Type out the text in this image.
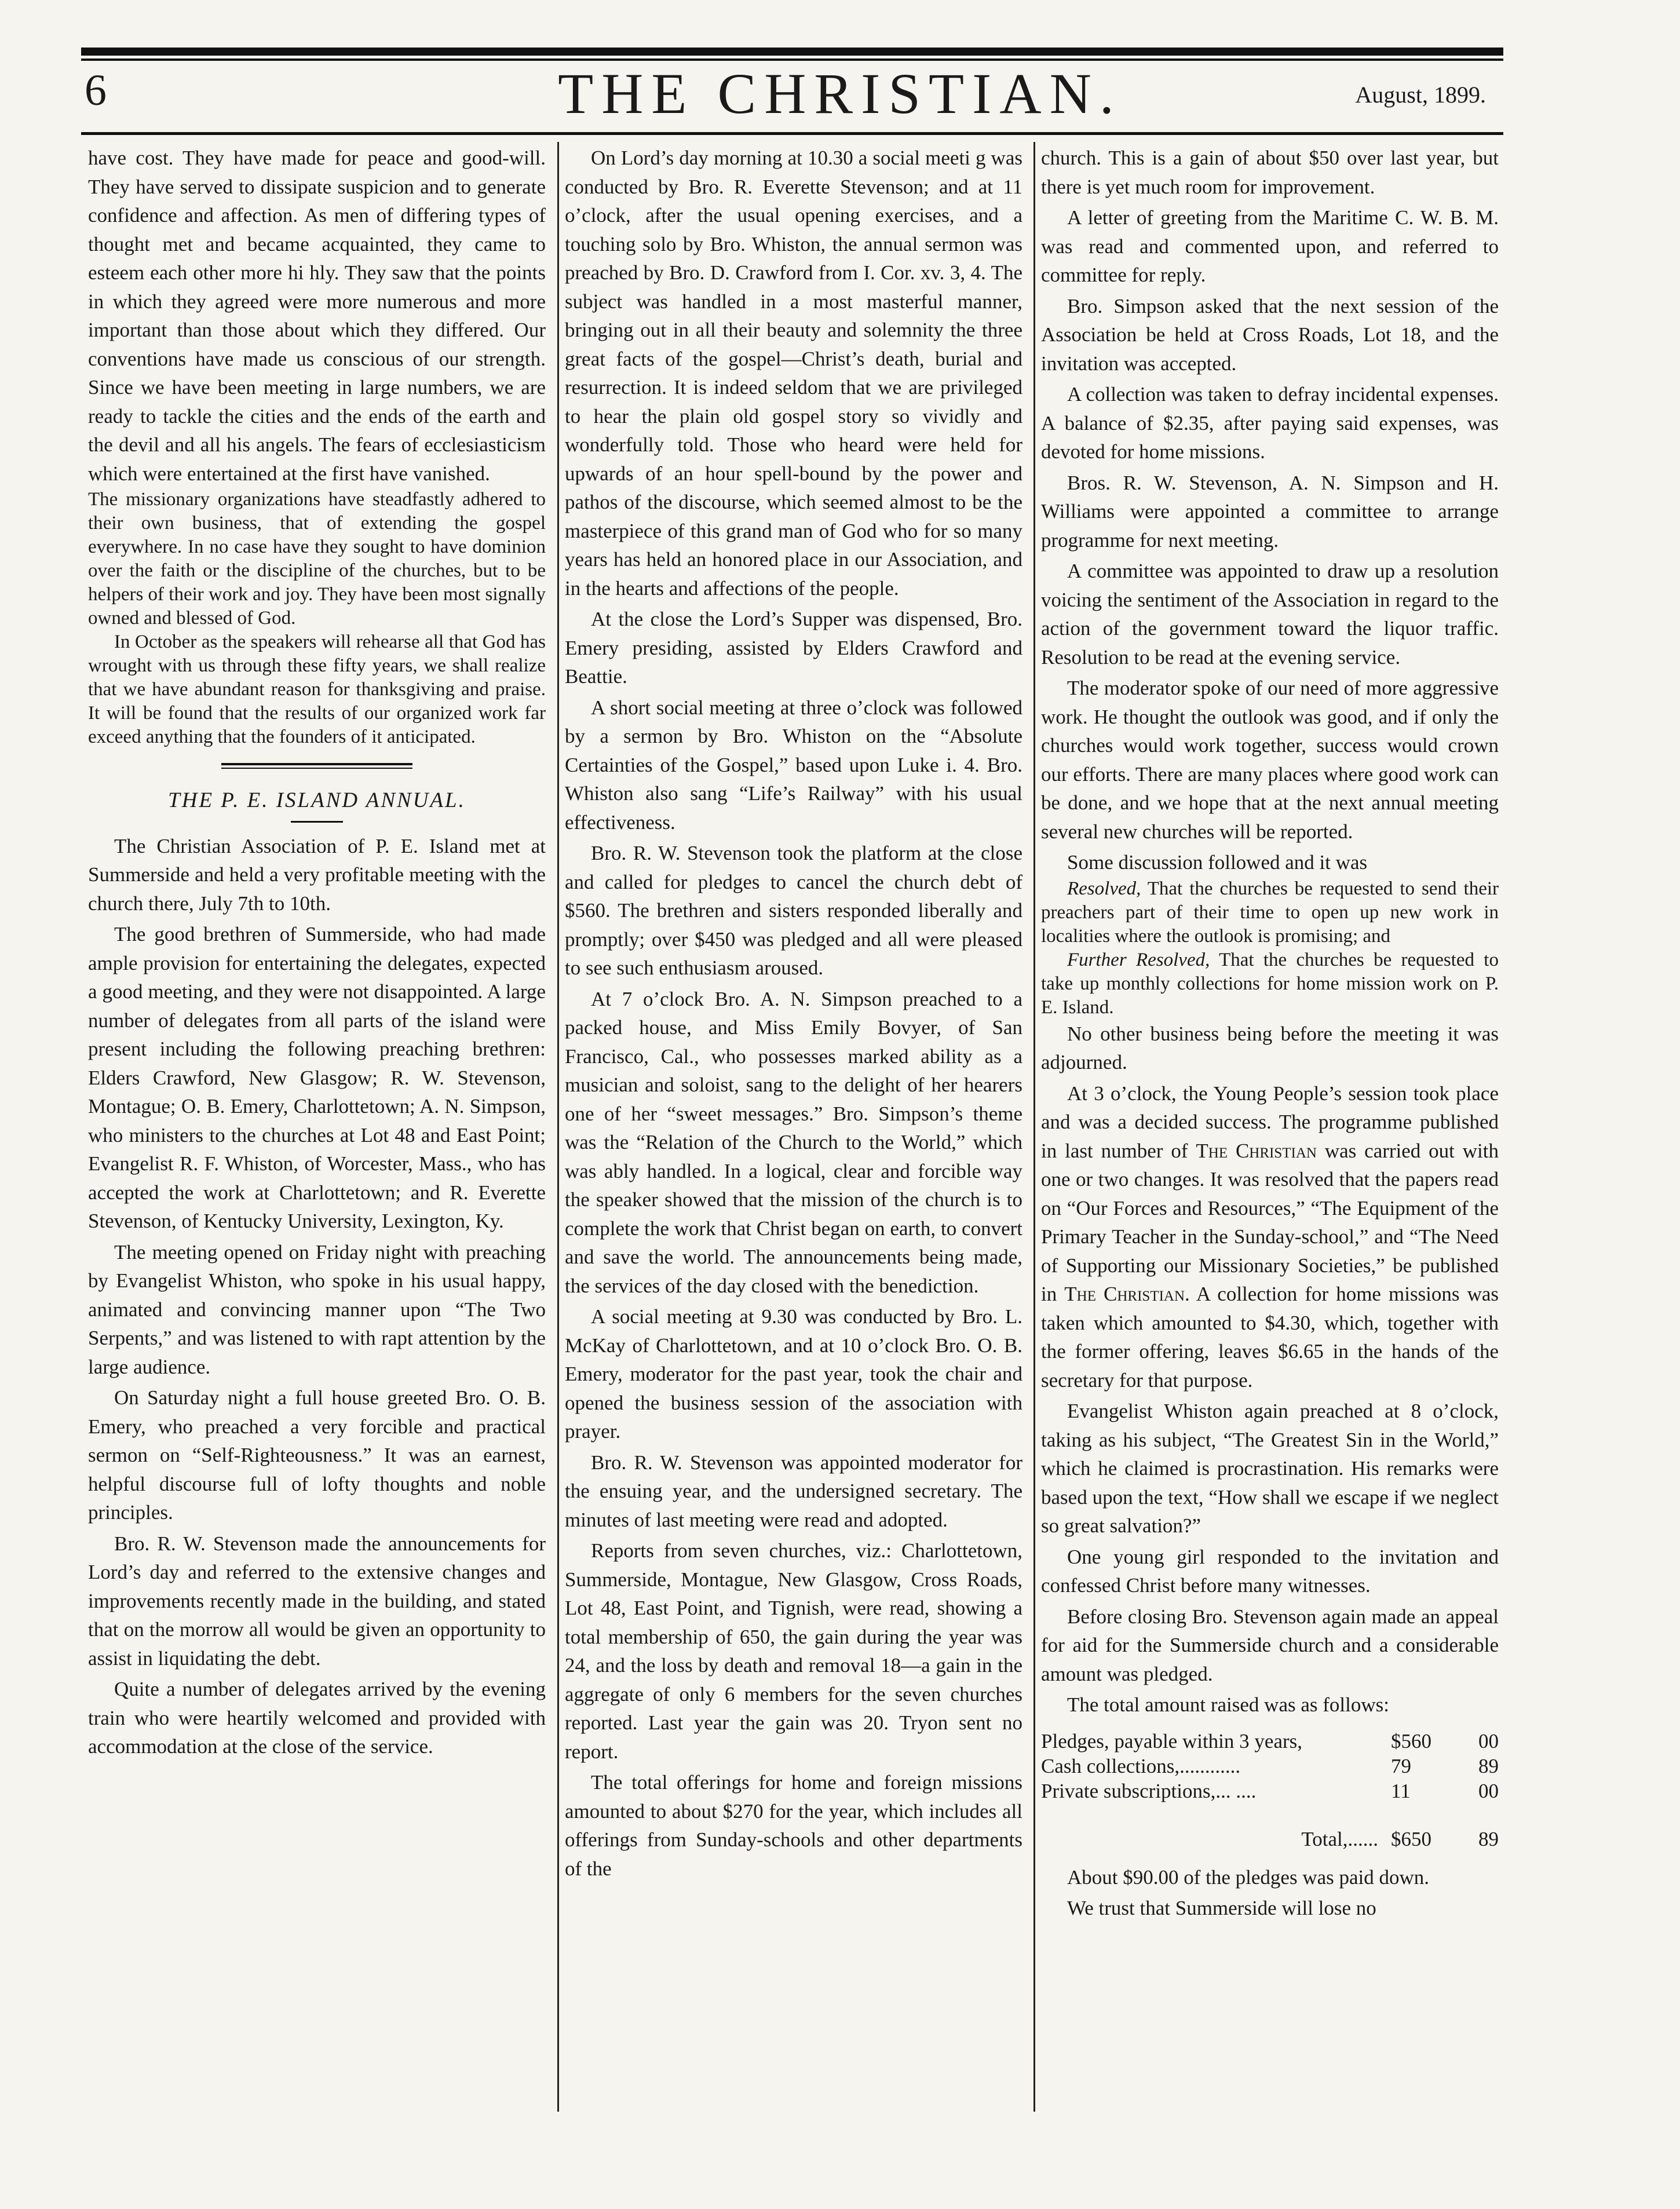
6	THE CHRISTIAN.	August, 1899.

have cost. They have made for peace and good-will. They have served to dissipate suspicion and to generate confidence and affection. As men of differing types of thought met and became acquainted, they came to esteem each other more hi hly. They saw that the points in which they agreed were more numerous and more important than those about which they differed. Our conventions have made us conscious of our strength. Since we have been meeting in large numbers, we are ready to tackle the cities and the ends of the earth and the devil and all his angels. The fears of ecclesiasticism which were entertained at the first have vanished.

The missionary organizations have steadfastly adhered to their own business, that of extending the gospel everywhere. In no case have they sought to have dominion over the faith or the discipline of the churches, but to be helpers of their work and joy. They have been most signally owned and blessed of God.

In October as the speakers will rehearse all that God has wrought with us through these fifty years, we shall realize that we have abundant reason for thanksgiving and praise. It will be found that the results of our organized work far exceed anything that the founders of it anticipated.

THE P. E. ISLAND ANNUAL.

The Christian Association of P. E. Island met at Summerside and held a very profitable meeting with the church there, July 7th to 10th.

The good brethren of Summerside, who had made ample provision for entertaining the delegates, expected a good meeting, and they were not disappointed. A large number of delegates from all parts of the island were present including the following preaching brethren: Elders Crawford, New Glasgow; R. W. Stevenson, Montague; O. B. Emery, Charlottetown; A. N. Simpson, who ministers to the churches at Lot 48 and East Point; Evangelist R. F. Whiston, of Worcester, Mass., who has accepted the work at Charlottetown; and R. Everette Stevenson, of Kentucky University, Lexington, Ky.

The meeting opened on Friday night with preaching by Evangelist Whiston, who spoke in his usual happy, animated and convincing manner upon “The Two Serpents,” and was listened to with rapt attention by the large audience.

On Saturday night a full house greeted Bro. O. B. Emery, who preached a very forcible and practical sermon on “Self-Righteousness.” It was an earnest, helpful discourse full of lofty thoughts and noble principles.

Bro. R. W. Stevenson made the announcements for Lord’s day and referred to the extensive changes and improvements recently made in the building, and stated that on the morrow all would be given an opportunity to assist in liquidating the debt.

Quite a number of delegates arrived by the evening train who were heartily welcomed and provided with accommodation at the close of the service.

On Lord’s day morning at 10.30 a social meeti g was conducted by Bro. R. Everette Stevenson; and at 11 o’clock, after the usual opening exercises, and a touching solo by Bro. Whiston, the annual sermon was preached by Bro. D. Crawford from I. Cor. xv. 3, 4. The subject was handled in a most masterful manner, bringing out in all their beauty and solemnity the three great facts of the gospel—Christ’s death, burial and resurrection. It is indeed seldom that we are privileged to hear the plain old gospel story so vividly and wonderfully told. Those who heard were held for upwards of an hour spell-bound by the power and pathos of the discourse, which seemed almost to be the masterpiece of this grand man of God who for so many years has held an honored place in our Association, and in the hearts and affections of the people.

At the close the Lord’s Supper was dispensed, Bro. Emery presiding, assisted by Elders Crawford and Beattie.

A short social meeting at three o’clock was followed by a sermon by Bro. Whiston on the “Absolute Certainties of the Gospel,” based upon Luke i. 4. Bro. Whiston also sang “Life’s Railway” with his usual effectiveness.

Bro. R. W. Stevenson took the platform at the close and called for pledges to cancel the church debt of $560. The brethren and sisters responded liberally and promptly; over $450 was pledged and all were pleased to see such enthusiasm aroused.

At 7 o’clock Bro. A. N. Simpson preached to a packed house, and Miss Emily Bovyer, of San Francisco, Cal., who possesses marked ability as a musician and soloist, sang to the delight of her hearers one of her “sweet messages.” Bro. Simpson’s theme was the “Relation of the Church to the World,” which was ably handled. In a logical, clear and forcible way the speaker showed that the mission of the church is to complete the work that Christ began on earth, to convert and save the world. The announcements being made, the services of the day closed with the benediction.

A social meeting at 9.30 was conducted by Bro. L. McKay of Charlottetown, and at 10 o’clock Bro. O. B. Emery, moderator for the past year, took the chair and opened the business session of the association with prayer.

Bro. R. W. Stevenson was appointed moderator for the ensuing year, and the undersigned secretary. The minutes of last meeting were read and adopted.

Reports from seven churches, viz.: Charlottetown, Summerside, Montague, New Glasgow, Cross Roads, Lot 48, East Point, and Tignish, were read, showing a total membership of 650, the gain during the year was 24, and the loss by death and removal 18—a gain in the aggregate of only 6 members for the seven churches reported. Last year the gain was 20. Tryon sent no report.

The total offerings for home and foreign missions amounted to about $270 for the year, which includes all offerings from Sunday-schools and other departments of the

church. This is a gain of about $50 over last year, but there is yet much room for improvement.

A letter of greeting from the Maritime C. W. B. M. was read and commented upon, and referred to committee for reply.

Bro. Simpson asked that the next session of the Association be held at Cross Roads, Lot 18, and the invitation was accepted.

A collection was taken to defray incidental expenses. A balance of $2.35, after paying said expenses, was devoted for home missions.

Bros. R. W. Stevenson, A. N. Simpson and H. Williams were appointed a committee to arrange programme for next meeting.

A committee was appointed to draw up a resolution voicing the sentiment of the Association in regard to the action of the government toward the liquor traffic. Resolution to be read at the evening service.

The moderator spoke of our need of more aggressive work. He thought the outlook was good, and if only the churches would work together, success would crown our efforts. There are many places where good work can be done, and we hope that at the next annual meeting several new churches will be reported.

Some discussion followed and it was

Resolved, That the churches be requested to send their preachers part of their time to open up new work in localities where the outlook is promising; and

Further Resolved, That the churches be requested to take up monthly collections for home mission work on P. E. Island.

No other business being before the meeting it was adjourned.

At 3 o’clock, the Young People’s session took place and was a decided success. The programme published in last number of The Christian was carried out with one or two changes. It was resolved that the papers read on “Our Forces and Resources,” “The Equipment of the Primary Teacher in the Sunday-school,” and “The Need of Supporting our Missionary Societies,” be published in The Christian. A collection for home missions was taken which amounted to $4.30, which, together with the former offering, leaves $6.65 in the hands of the secretary for that purpose.

Evangelist Whiston again preached at 8 o’clock, taking as his subject, “The Greatest Sin in the World,” which he claimed is procrastination. His remarks were based upon the text, “How shall we escape if we neglect so great salvation?”

One young girl responded to the invitation and confessed Christ before many witnesses.

Before closing Bro. Stevenson again made an appeal for aid for the Summerside church and a considerable amount was pledged.

The total amount raised was as follows:

Pledges, payable within 3 years,	$560	00
Cash collections,............	79	89
Private subscriptions,... ....	11	00
Total,...... $650	89

About $90.00 of the pledges was paid down.

We trust that Summerside will lose no
